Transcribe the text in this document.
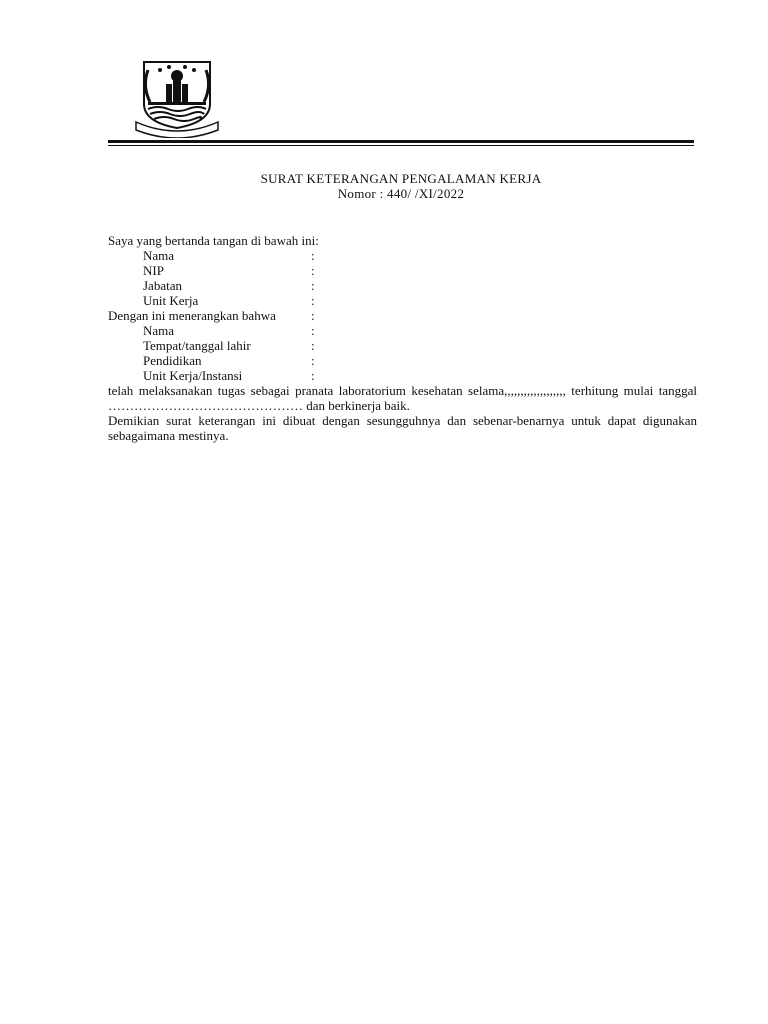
SURAT KETERANGAN PENGALAMAN KERJA
Nomor : 440/ /XI/2022
Saya yang bertanda tangan di bawah ini:
Nama	:
NIP	:
Jabatan	:
Unit Kerja	:
Dengan ini menerangkan bahwa	:
Nama	:
Tempat/tanggal lahir	:
Pendidikan	:
Unit Kerja/Instansi	:
telah melaksanakan tugas sebagai pranata laboratorium kesehatan selama,,,,,,,,,,,,,,,,,,, terhitung mulai tanggal ……………………………………… dan berkinerja baik.
Demikian surat keterangan ini dibuat dengan sesungguhnya dan sebenar-benarnya untuk dapat digunakan sebagaimana mestinya.
